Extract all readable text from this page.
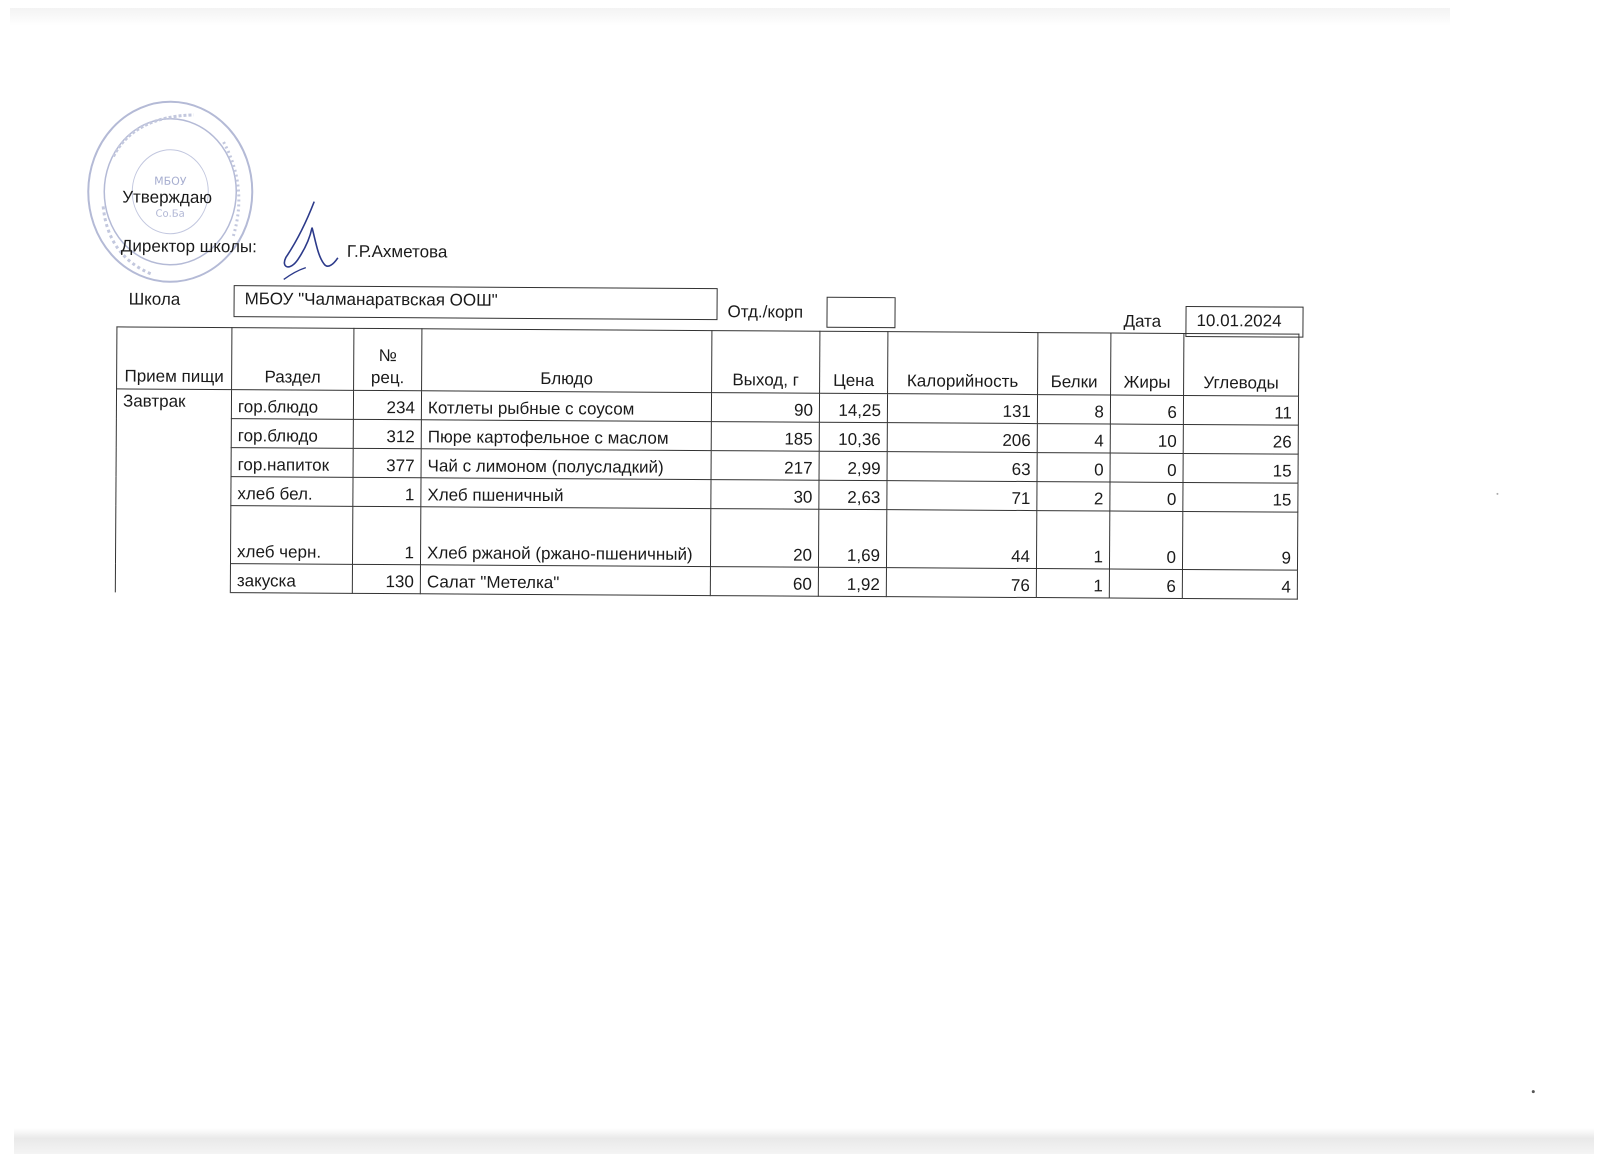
МБОУ
Со.Ба
Утверждаю
Директор школы:	Г.Р.Ахметова
Школа	МБОУ "Чалманаратвская ООШ"
Отд./корп	Дата	10.01.2024
Прием пищи	Раздел	№ рец.	Блюдо	Выход, г	Цена	Калорийность	Белки	Жиры	Углеводы
Завтрак	гор.блюдо	234	Котлеты рыбные с соусом	90	14,25	131	8	6	11
	гор.блюдо	312	Пюре картофельное с маслом	185	10,36	206	4	10	26
	гор.напиток	377	Чай с лимоном (полусладкий)	217	2,99	63	0	0	15
	хлеб бел.	1	Хлеб пшеничный	30	2,63	71	2	0	15
	хлеб черн.	1	Хлеб ржаной (ржано-пшеничный)	20	1,69	44	1	0	9
	закуска	130	Салат "Метелка"	60	1,92	76	1	6	4
